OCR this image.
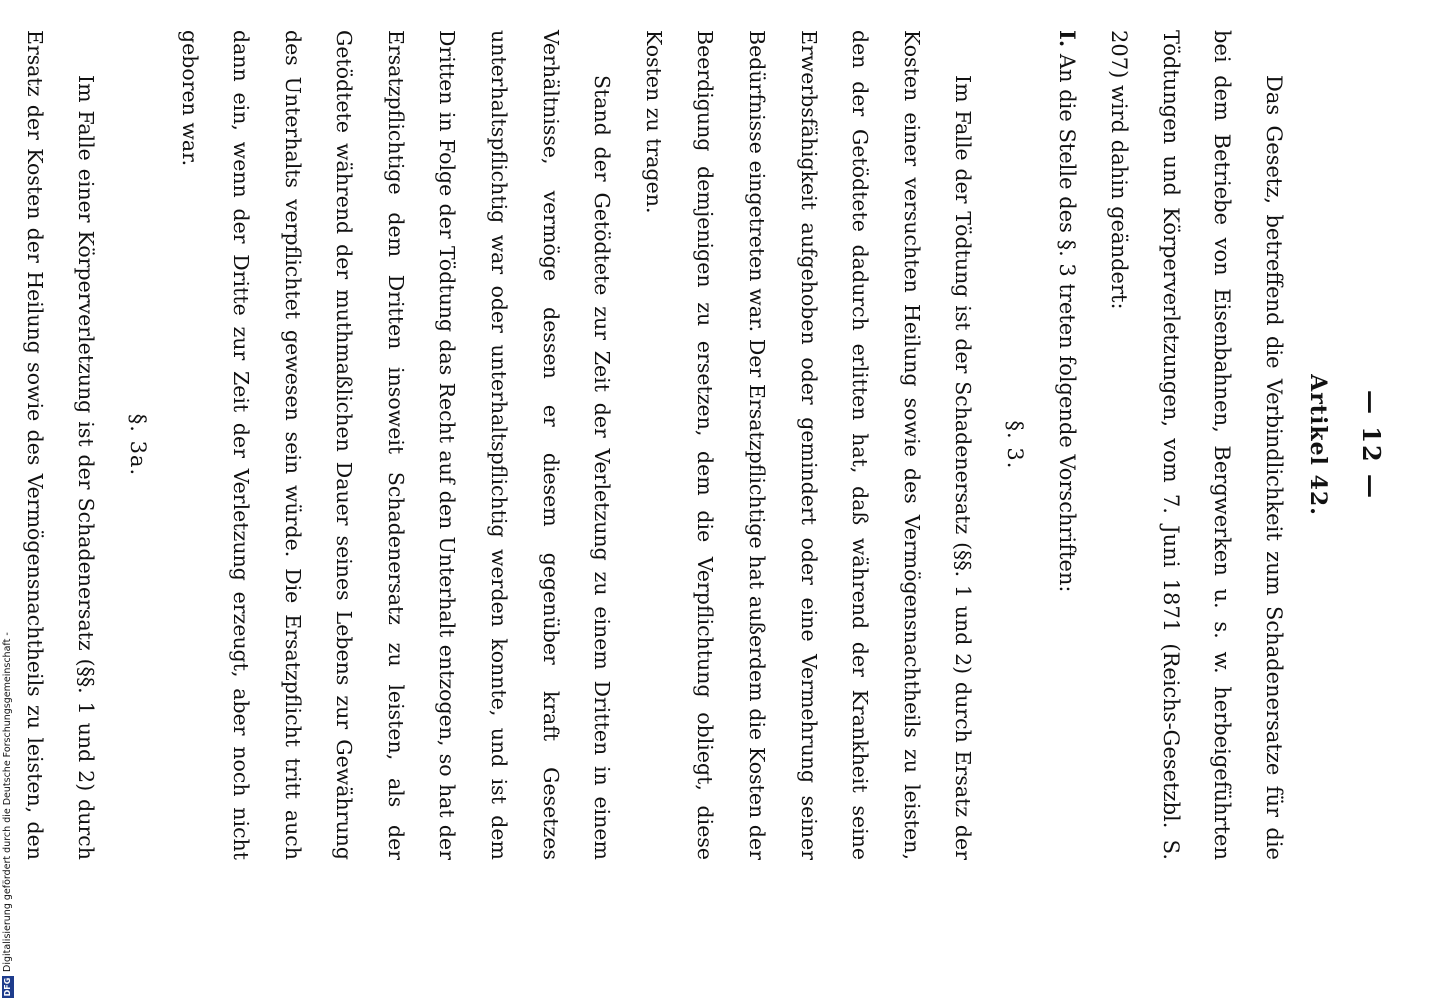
— 12 —
Artikel 42.

Das Gesetz, betreffend die Verbindlichkeit zum Schadenersatze für die bei dem Betriebe von Eisenbahnen, Bergwerken u. s. w. herbeigeführten Tödtungen und Körperverletzungen, vom 7. Juni 1871 (Reichs-Gesetzbl. S. 207) wird dahin geändert:

I. An die Stelle des §. 3 treten folgende Vorschriften:

§. 3.

Im Falle der Tödtung ist der Schadenersatz (§§. 1 und 2) durch Ersatz der Kosten einer versuchten Heilung sowie des Vermögensnachtheils zu leisten, den der Getödtete dadurch erlitten hat, daß während der Krankheit seine Erwerbsfähigkeit aufgehoben oder gemindert oder eine Vermehrung seiner Bedürfnisse eingetreten war. Der Ersatzpflichtige hat außerdem die Kosten der Beerdigung demjenigen zu ersetzen, dem die Verpflichtung obliegt, diese Kosten zu tragen.

Stand der Getödtete zur Zeit der Verletzung zu einem Dritten in einem Verhältnisse, vermöge dessen er diesem gegenüber kraft Gesetzes unterhaltspflichtig war oder unterhaltspflichtig werden konnte, und ist dem Dritten in Folge der Tödtung das Recht auf den Unterhalt entzogen, so hat der Ersatzpflichtige dem Dritten insoweit Schadenersatz zu leisten, als der Getödtete während der muthmaßlichen Dauer seines Lebens zur Gewährung des Unterhalts verpflichtet gewesen sein würde. Die Ersatzpflicht tritt auch dann ein, wenn der Dritte zur Zeit der Verletzung erzeugt, aber noch nicht geboren war.

§. 3a.

Im Falle einer Körperverletzung ist der Schadenersatz (§§. 1 und 2) durch Ersatz der Kosten der Heilung sowie des Vermögensnachtheils zu leisten, den

Digitalisierung gefördert durch die Deutsche Forschungsgemeinschaft -
DFG
